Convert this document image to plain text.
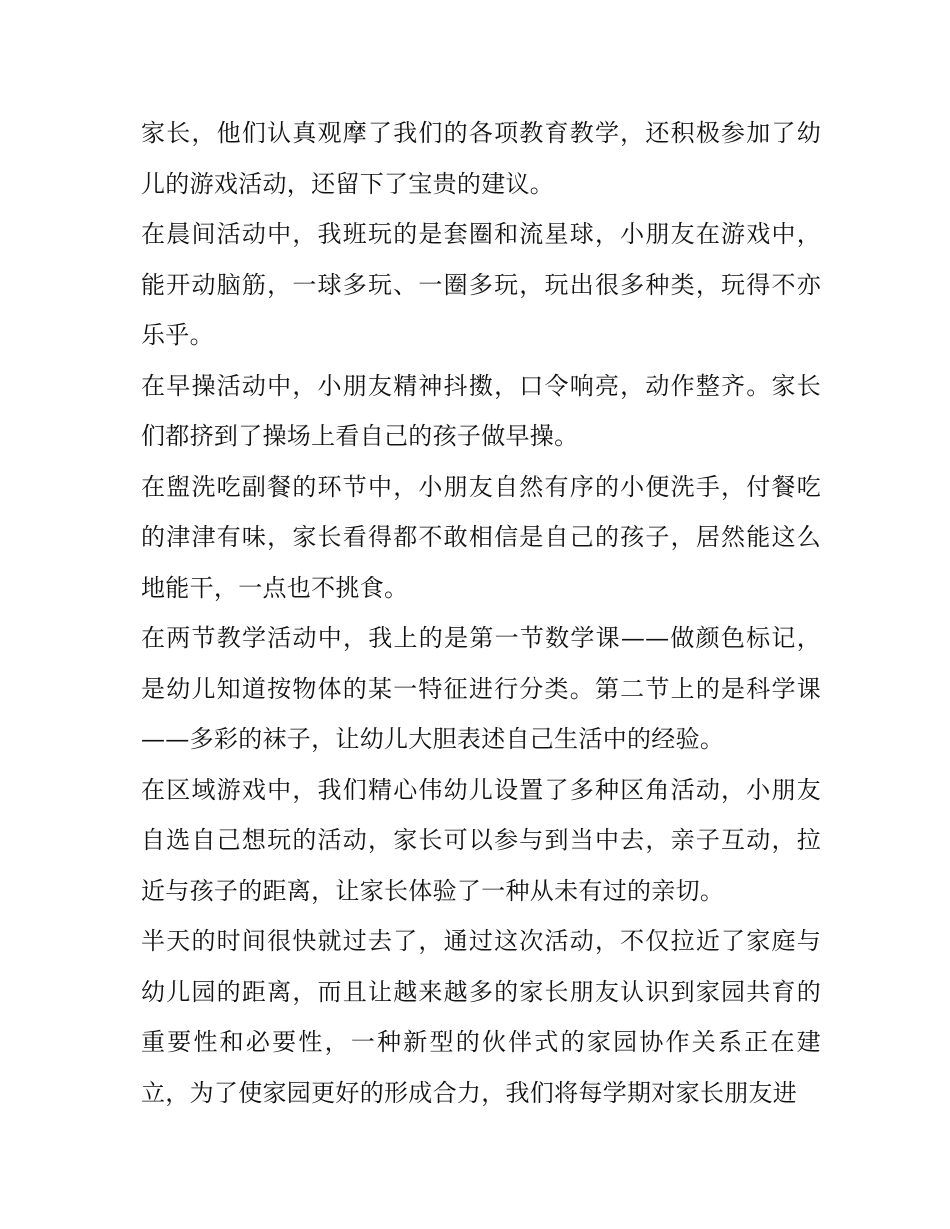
家长，他们认真观摩了我们的各项教育教学，还积极参加了幼儿的游戏活动，还留下了宝贵的建议。

在晨间活动中，我班玩的是套圈和流星球，小朋友在游戏中，能开动脑筋，一球多玩、一圈多玩，玩出很多种类，玩得不亦乐乎。

在早操活动中，小朋友精神抖擞，口令响亮，动作整齐。家长们都挤到了操场上看自己的孩子做早操。

在盥洗吃副餐的环节中，小朋友自然有序的小便洗手，付餐吃的津津有味，家长看得都不敢相信是自己的孩子，居然能这么地能干，一点也不挑食。

在两节教学活动中，我上的是第一节数学课——做颜色标记，是幼儿知道按物体的某一特征进行分类。第二节上的是科学课——多彩的袜子，让幼儿大胆表述自己生活中的经验。

在区域游戏中，我们精心伟幼儿设置了多种区角活动，小朋友自选自己想玩的活动，家长可以参与到当中去，亲子互动，拉近与孩子的距离，让家长体验了一种从未有过的亲切。

半天的时间很快就过去了，通过这次活动，不仅拉近了家庭与幼儿园的距离，而且让越来越多的家长朋友认识到家园共育的重要性和必要性，一种新型的伙伴式的家园协作关系正在建立，为了使家园更好的形成合力，我们将每学期对家长朋友进
